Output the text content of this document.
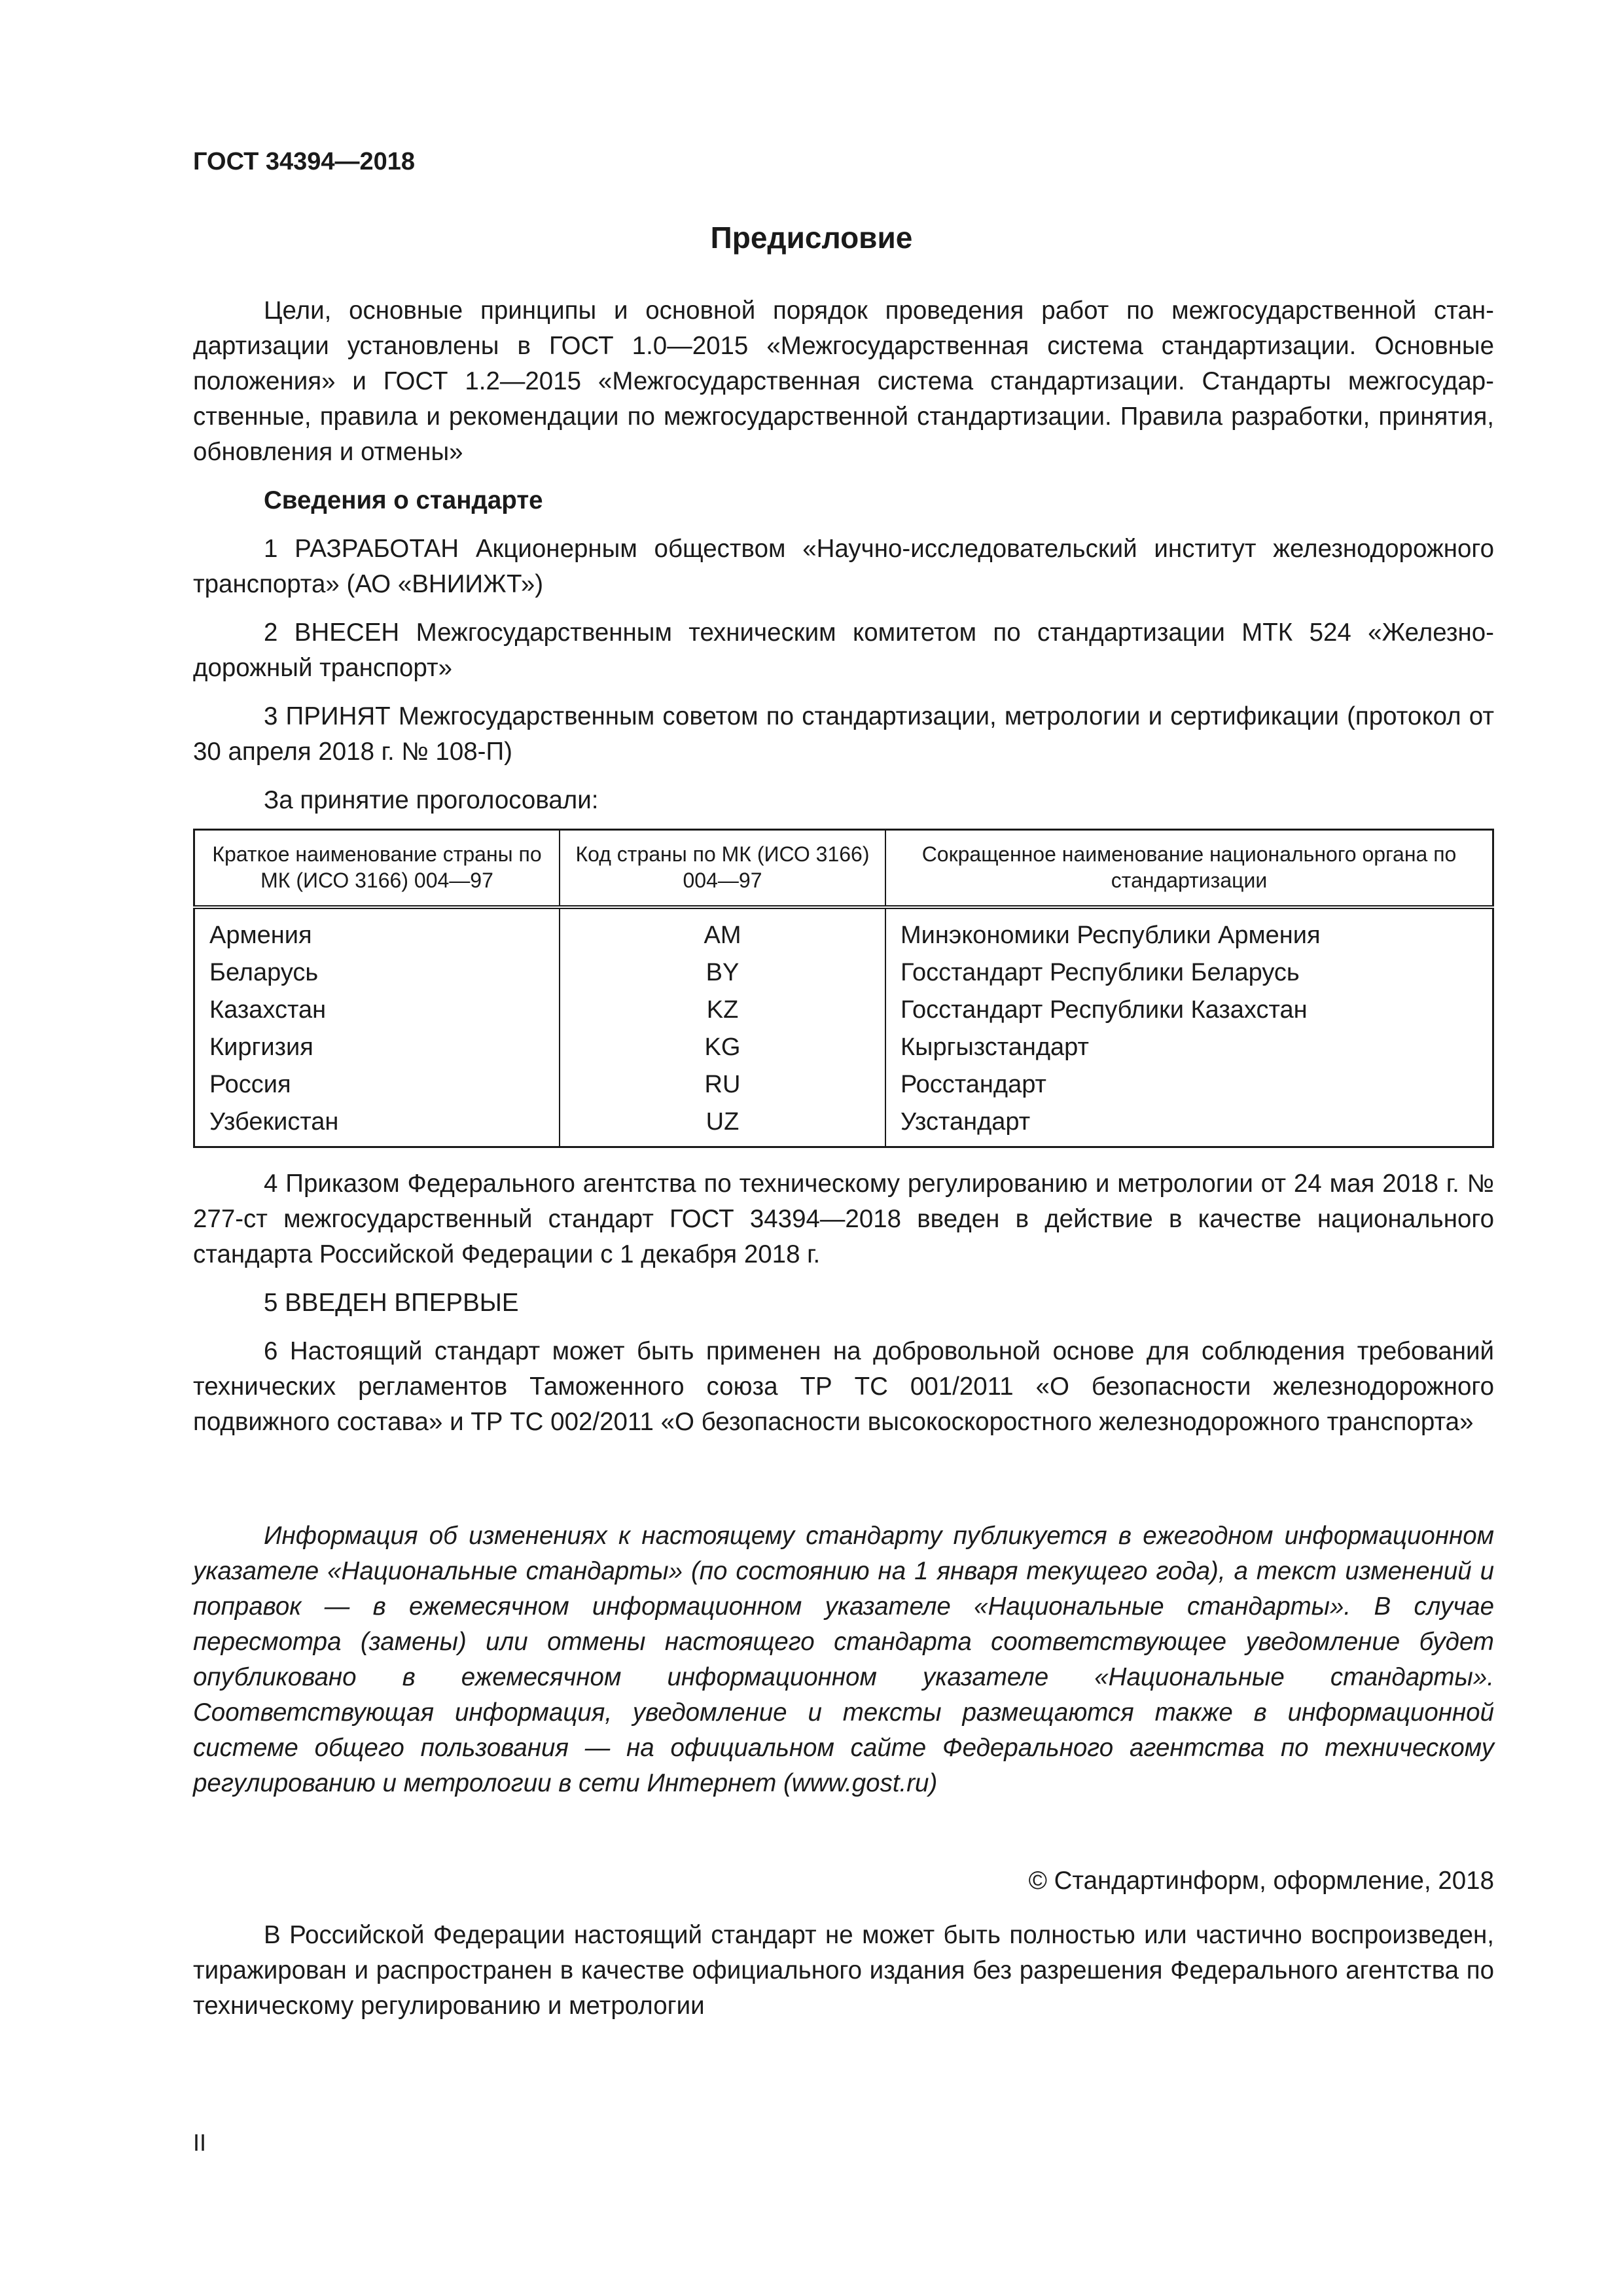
ГОСТ 34394—2018
Предисловие

Цели, основные принципы и основной порядок проведения работ по межгосударственной стандартизации установлены в ГОСТ 1.0—2015 «Межгосударственная система стандартизации. Основные положения» и ГОСТ 1.2—2015 «Межгосударственная система стандартизации. Стандарты межгосударственные, правила и рекомендации по межгосударственной стандартизации. Правила разработки, принятия, обновления и отмены»

Сведения о стандарте

1 РАЗРАБОТАН Акционерным обществом «Научно-исследовательский институт железнодорожного транспорта» (АО «ВНИИЖТ»)

2 ВНЕСЕН Межгосударственным техническим комитетом по стандартизации МТК 524 «Железнодорожный транспорт»

3 ПРИНЯТ Межгосударственным советом по стандартизации, метрологии и сертификации (протокол от 30 апреля 2018 г. № 108-П)

За принятие проголосовали:

Краткое наименование страны по МК (ИСО 3166) 004—97	Код страны по МК (ИСО 3166) 004—97	Сокращенное наименование национального органа по стандартизации
Армения	AM	Минэкономики Республики Армения
Беларусь	BY	Госстандарт Республики Беларусь
Казахстан	KZ	Госстандарт Республики Казахстан
Киргизия	KG	Кыргызстандарт
Россия	RU	Росстандарт
Узбекистан	UZ	Узстандарт

4 Приказом Федерального агентства по техническому регулированию и метрологии от 24 мая 2018 г. № 277-ст межгосударственный стандарт ГОСТ 34394—2018 введен в действие в качестве национального стандарта Российской Федерации с 1 декабря 2018 г.

5 ВВЕДЕН ВПЕРВЫЕ

6 Настоящий стандарт может быть применен на добровольной основе для соблюдения требований технических регламентов Таможенного союза ТР ТС 001/2011 «О безопасности железнодорожного подвижного состава» и ТР ТС 002/2011 «О безопасности высокоскоростного железнодорожного транспорта»

Информация об изменениях к настоящему стандарту публикуется в ежегодном информационном указателе «Национальные стандарты» (по состоянию на 1 января текущего года), а текст изменений и поправок — в ежемесячном информационном указателе «Национальные стандарты». В случае пересмотра (замены) или отмены настоящего стандарта соответствующее уведомление будет опубликовано в ежемесячном информационном указателе «Национальные стандарты». Соответствующая информация, уведомление и тексты размещаются также в информационной системе общего пользования — на официальном сайте Федерального агентства по техническому регулированию и метрологии в сети Интернет (www.gost.ru)

© Стандартинформ, оформление, 2018

В Российской Федерации настоящий стандарт не может быть полностью или частично воспроизведен, тиражирован и распространен в качестве официального издания без разрешения Федерального агентства по техническому регулированию и метрологии

II
